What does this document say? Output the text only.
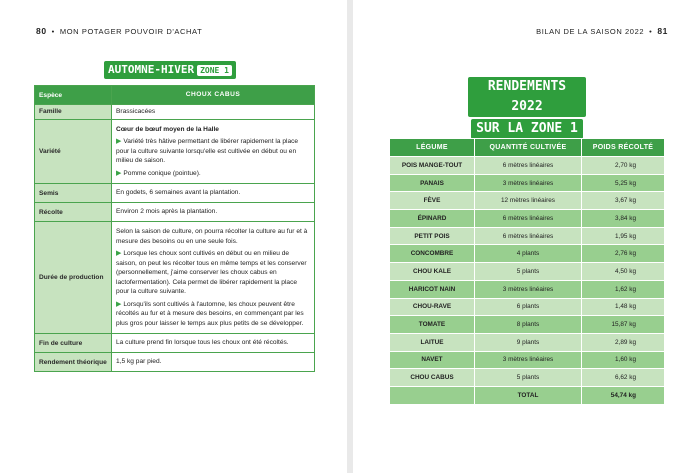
80 • MON POTAGER POUVOIR D'ACHAT
AUTOMNE-HIVER ZONE 1
Espèce	CHOUX CABUS
Famille	Brassicacées
Variété	Cœur de bœuf moyen de la Halle
▶ Variété très hâtive permettant de libérer rapidement la place pour la culture suivante lorsqu'elle est cultivée en début ou en milieu de saison.
▶ Pomme conique (pointue).

Semis	En godets, 6 semaines avant la plantation.
Récolte	Environ 2 mois après la plantation.
Durée de production	Selon la saison de culture, on pourra récolter la culture au fur et à mesure des besoins ou en une seule fois.
▶ Lorsque les choux sont cultivés en début ou en milieu de saison, on peut les récolter tous en même temps et les conserver (personnellement, j'aime conserver les choux cabus en lactofermentation). Cela permet de libérer rapidement la place pour la culture suivante.
▶ Lorsqu'ils sont cultivés à l'automne, les choux peuvent être récoltés au fur et à mesure des besoins, en commençant par les plus gros pour laisser le temps aux plus petits de se développer.

Fin de culture	La culture prend fin lorsque tous les choux ont été récoltés.
Rendement théorique	1,5 kg par pied.
BILAN DE LA SAISON 2022 • 81
RENDEMENTS 2022
SUR LA ZONE 1
LÉGUME	QUANTITÉ CULTIVÉE	POIDS RÉCOLTÉ
POIS MANGE-TOUT	6 mètres linéaires	2,70 kg
PANAIS	3 mètres linéaires	5,25 kg
FÈVE	12 mètres linéaires	3,67 kg
ÉPINARD	6 mètres linéaires	3,84 kg
PETIT POIS	6 mètres linéaires	1,95 kg
CONCOMBRE	4 plants	2,76 kg
CHOU KALE	5 plants	4,50 kg
HARICOT NAIN	3 mètres linéaires	1,62 kg
CHOU-RAVE	6 plants	1,48 kg
TOMATE	8 plants	15,87 kg
LAITUE	9 plants	2,89 kg
NAVET	3 mètres linéaires	1,60 kg
CHOU CABUS	5 plants	6,62 kg
	TOTAL	54,74 kg
